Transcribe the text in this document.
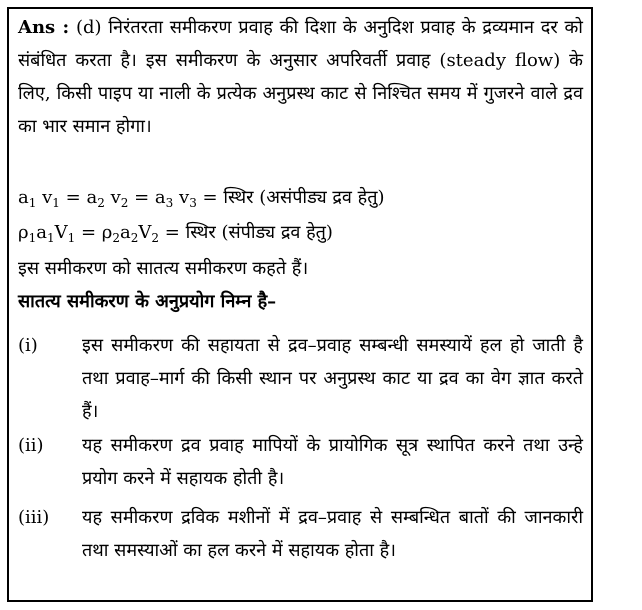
Ans : (d) निरंतरता समीकरण प्रवाह की दिशा के अनुदिश प्रवाह के द्रव्यमान दर को संबंधित करता है। इस समीकरण के अनुसार अपरिवर्ती प्रवाह (steady flow) के लिए, किसी पाइप या नाली के प्रत्येक अनुप्रस्थ काट से निश्चित समय में गुजरने वाले द्रव का भार समान होगा।
$a_1$ $v_1 = a_2$ $v_2 = a_3$ $v_3$ = स्थिर (असंपीड्य द्रव हेतु)
$\rho_1a_1V_1 = \rho_2a_2V_2$ = स्थिर (संपीड्य द्रव हेतु)
इस समीकरण को सातत्य समीकरण कहते हैं।
सातत्य समीकरण के अनुप्रयोग निम्न है–
(i)	इस समीकरण की सहायता से द्रव–प्रवाह सम्बन्धी समस्यायें हल हो जाती है तथा प्रवाह–मार्ग की किसी स्थान पर अनुप्रस्थ काट या द्रव का वेग ज्ञात करते हैं।
(ii)	यह समीकरण द्रव प्रवाह मापियों के प्रायोगिक सूत्र स्थापित करने तथा उन्हे प्रयोग करने में सहायक होती है।
(iii)	यह समीकरण द्रविक मशीनों में द्रव–प्रवाह से सम्बन्धित बातों की जानकारी तथा समस्याओं का हल करने में सहायक होता है।
